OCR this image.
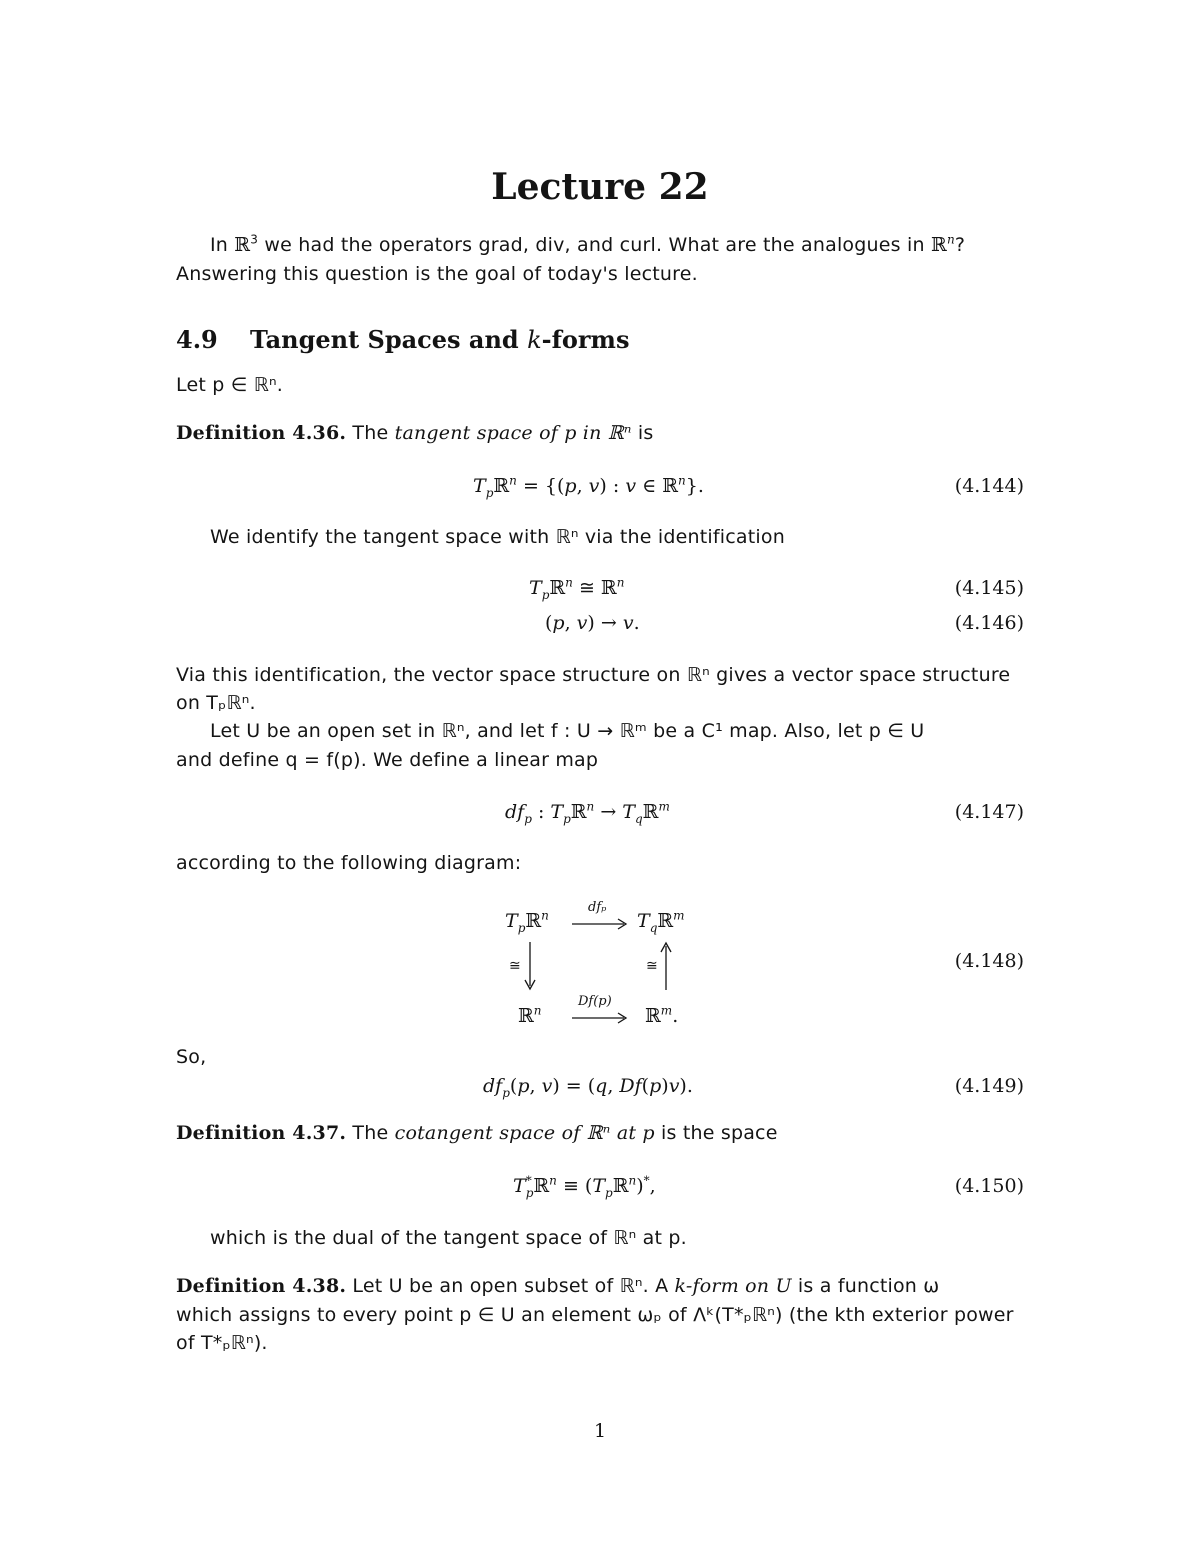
Lecture 22
In ℝ$^3$ we had the operators grad, div, and curl. What are the analogues in ℝ$^n$?
Answering this question is the goal of today's lecture.
4.9 Tangent Spaces and k-forms
Let p ∈ ℝⁿ.
Definition 4.36. The tangent space of p in ℝⁿ is
$T_pℝ^n = \{(p$, v) : v ∈ ℝ$^n$}.	(4.144)
We identify the tangent space with ℝⁿ via the identification
$T_pℝ^n$ ≅ ℝ$^n$	(4.145)
(p, v) → v.	(4.146)
Via this identification, the vector space structure on ℝⁿ gives a vector space structure
on Tₚℝⁿ.
Let U be an open set in ℝⁿ, and let f : U → ℝᵐ be a C¹ map. Also, let p ∈ U
and define q = f(p). We define a linear map
$df_p$ : $T_pℝ^n$ → $T_qℝ^m$	(4.147)
according to the following diagram:
$T_pℝ^n$	$T_qℝ^m$
ℝ$^n$	ℝ$^m$.
dfₚ
Df(p)
≅	≅	(4.148)
So,
$df_p(p$, v) = (q, Df(p)v).	(4.149)
Definition 4.37. The cotangent space of ℝⁿ at p is the space
$T^*_pℝ^n$ ≡ $(T_pℝ^n)^*$,	(4.150)
which is the dual of the tangent space of ℝⁿ at p.
Definition 4.38. Let U be an open subset of ℝⁿ. A k-form on U is a function ω
which assigns to every point p ∈ U an element ωₚ of Λᵏ(T*ₚℝⁿ) (the kth exterior power
of T*ₚℝⁿ).
1
